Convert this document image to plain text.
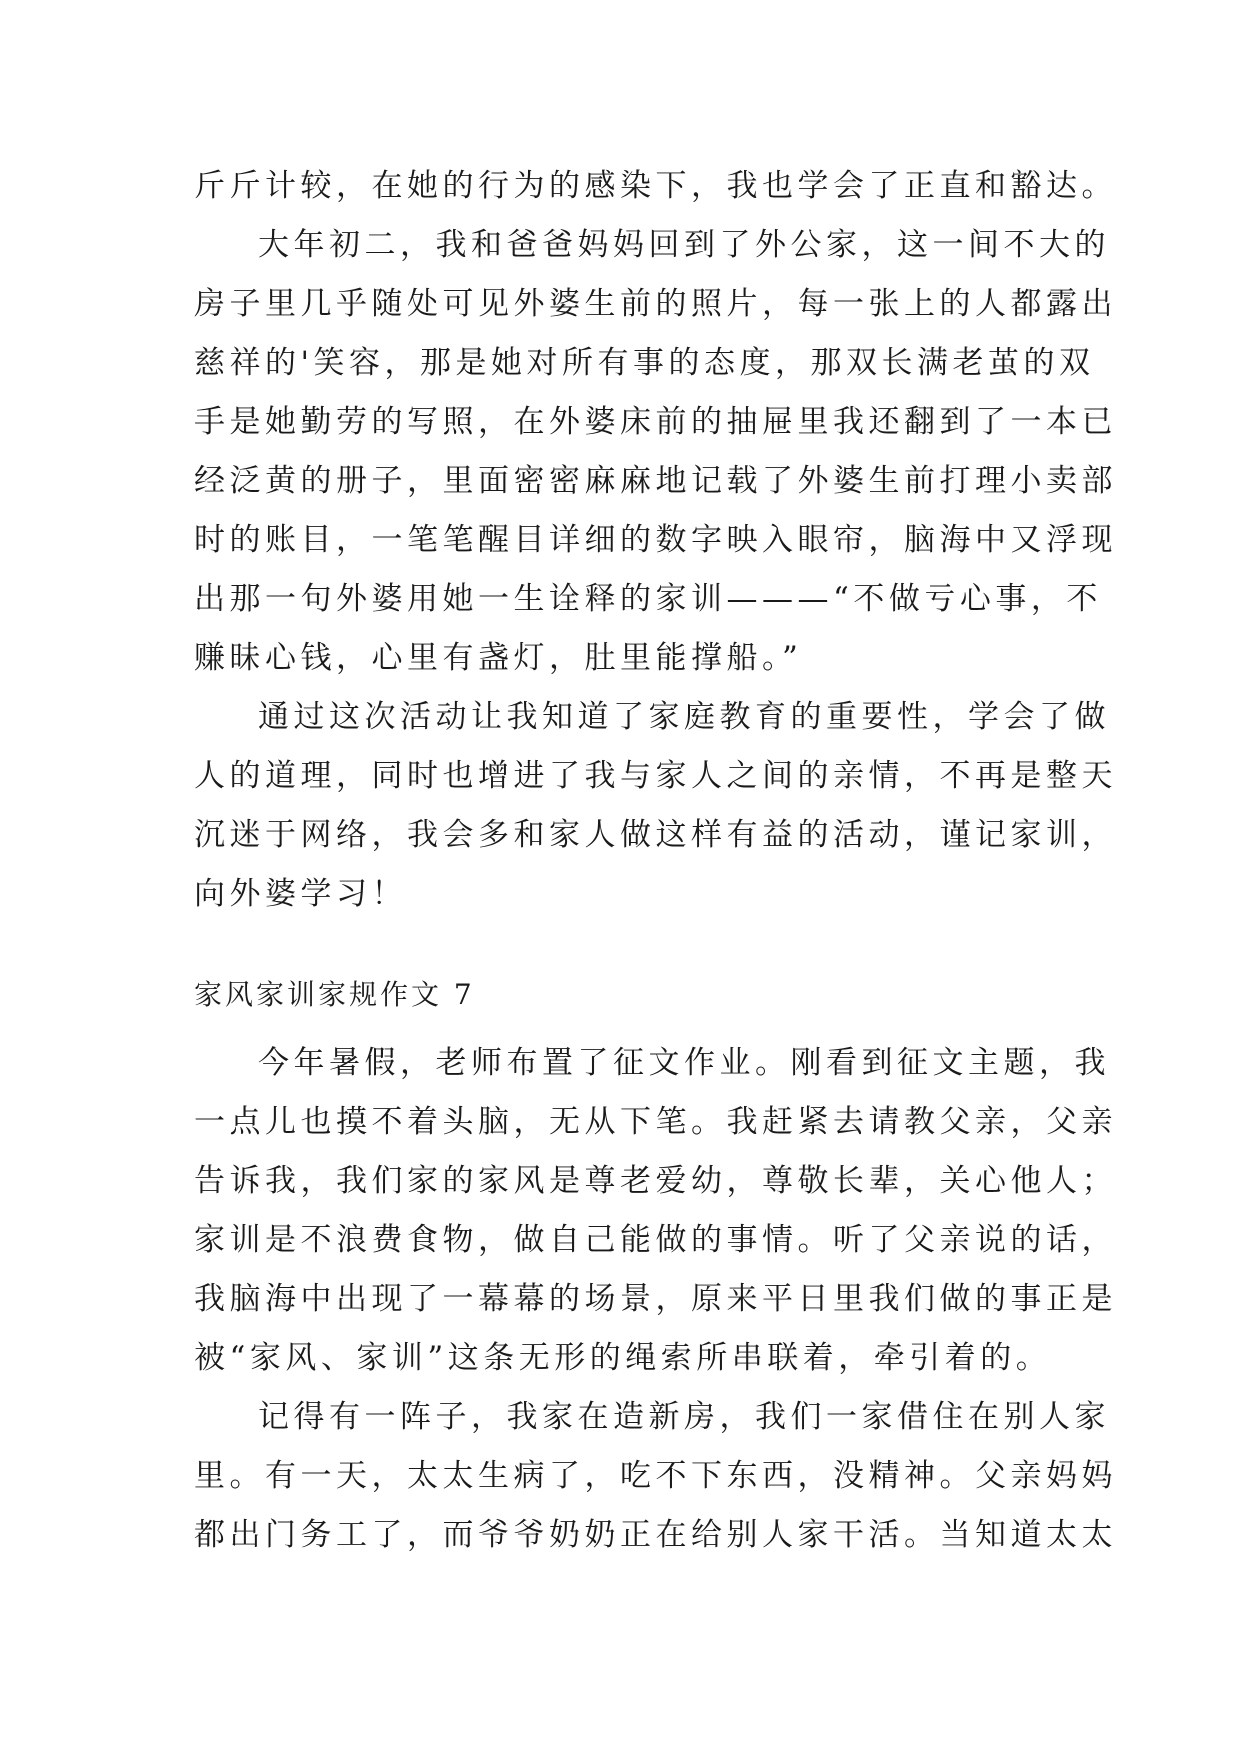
斤斤计较，在她的行为的感染下，我也学会了正直和豁达。
大年初二，我和爸爸妈妈回到了外公家，这一间不大的
房子里几乎随处可见外婆生前的照片，每一张上的人都露出
慈祥的'笑容，那是她对所有事的态度，那双长满老茧的双
手是她勤劳的写照，在外婆床前的抽屉里我还翻到了一本已
经泛黄的册子，里面密密麻麻地记载了外婆生前打理小卖部
时的账目，一笔笔醒目详细的数字映入眼帘，脑海中又浮现
出那一句外婆用她一生诠释的家训———“不做亏心事，不
赚昧心钱，心里有盏灯，肚里能撑船。”
通过这次活动让我知道了家庭教育的重要性，学会了做
人的道理，同时也增进了我与家人之间的亲情，不再是整天
沉迷于网络，我会多和家人做这样有益的活动，谨记家训，
向外婆学习！
家风家训家规作文 7
今年暑假，老师布置了征文作业。刚看到征文主题，我
一点儿也摸不着头脑，无从下笔。我赶紧去请教父亲，父亲
告诉我，我们家的家风是尊老爱幼，尊敬长辈，关心他人；
家训是不浪费食物，做自己能做的事情。听了父亲说的话，
我脑海中出现了一幕幕的场景，原来平日里我们做的事正是
被“家风、家训”这条无形的绳索所串联着，牵引着的。
记得有一阵子，我家在造新房，我们一家借住在别人家
里。有一天，太太生病了，吃不下东西，没精神。父亲妈妈
都出门务工了，而爷爷奶奶正在给别人家干活。当知道太太
